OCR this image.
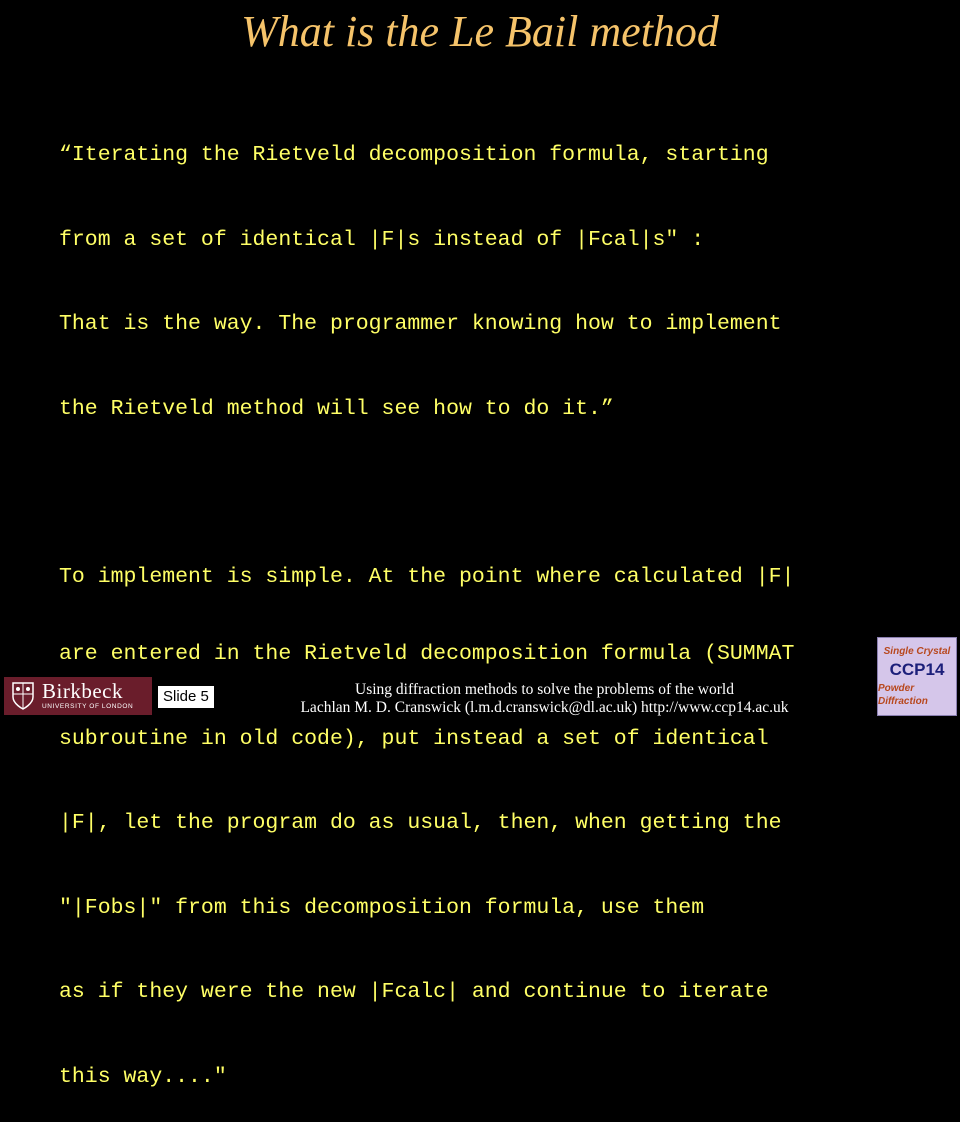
What is the Le Bail method

“Iterating the Rietveld decomposition formula, starting

from a set of identical |F|s instead of |Fcal|s" :

That is the way. The programmer knowing how to implement

the Rietveld method will see how to do it.”

To implement is simple. At the point where calculated |F|

are entered in the Rietveld decomposition formula (SUMMAT

subroutine in old code), put instead a set of identical

|F|, let the program do as usual, then, when getting the

"|Fobs|" from this decomposition formula, use them

as if they were the new |Fcalc| and continue to iterate

this way...."

Birkbeck
UNIVERSITY OF LONDON
Slide 5	Using diffraction methods to solve the problems of the world
Lachlan M. D. Cranswick (l.m.d.cranswick@dl.ac.uk) http://www.ccp14.ac.uk
Single Crystal
CCP14
Powder Diffraction
